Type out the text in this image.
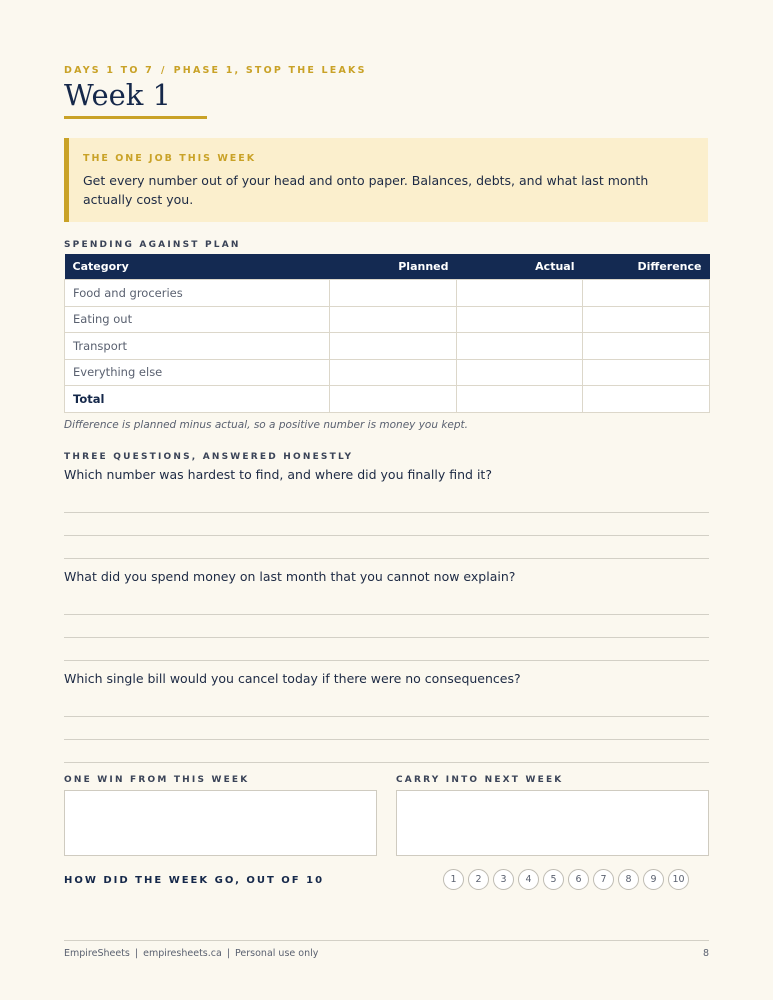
DAYS 1 TO 7 / PHASE 1, STOP THE LEAKS
Week 1
THE ONE JOB THIS WEEK
Get every number out of your head and onto paper. Balances, debts, and what last month actually cost you.
SPENDING AGAINST PLAN
Category	Planned	Actual	Difference
Food and groceries			
Eating out			
Transport			
Everything else			
Total			
Difference is planned minus actual, so a positive number is money you kept.
THREE QUESTIONS, ANSWERED HONESTLY
Which number was hardest to find, and where did you finally find it?
What did you spend money on last month that you cannot now explain?
Which single bill would you cancel today if there were no consequences?
ONE WIN FROM THIS WEEK	CARRY INTO NEXT WEEK
HOW DID THE WEEK GO, OUT OF 10	1	2	3	4	5	6	7	8	9	10
EmpireSheets | empiresheets.ca | Personal use only	8
